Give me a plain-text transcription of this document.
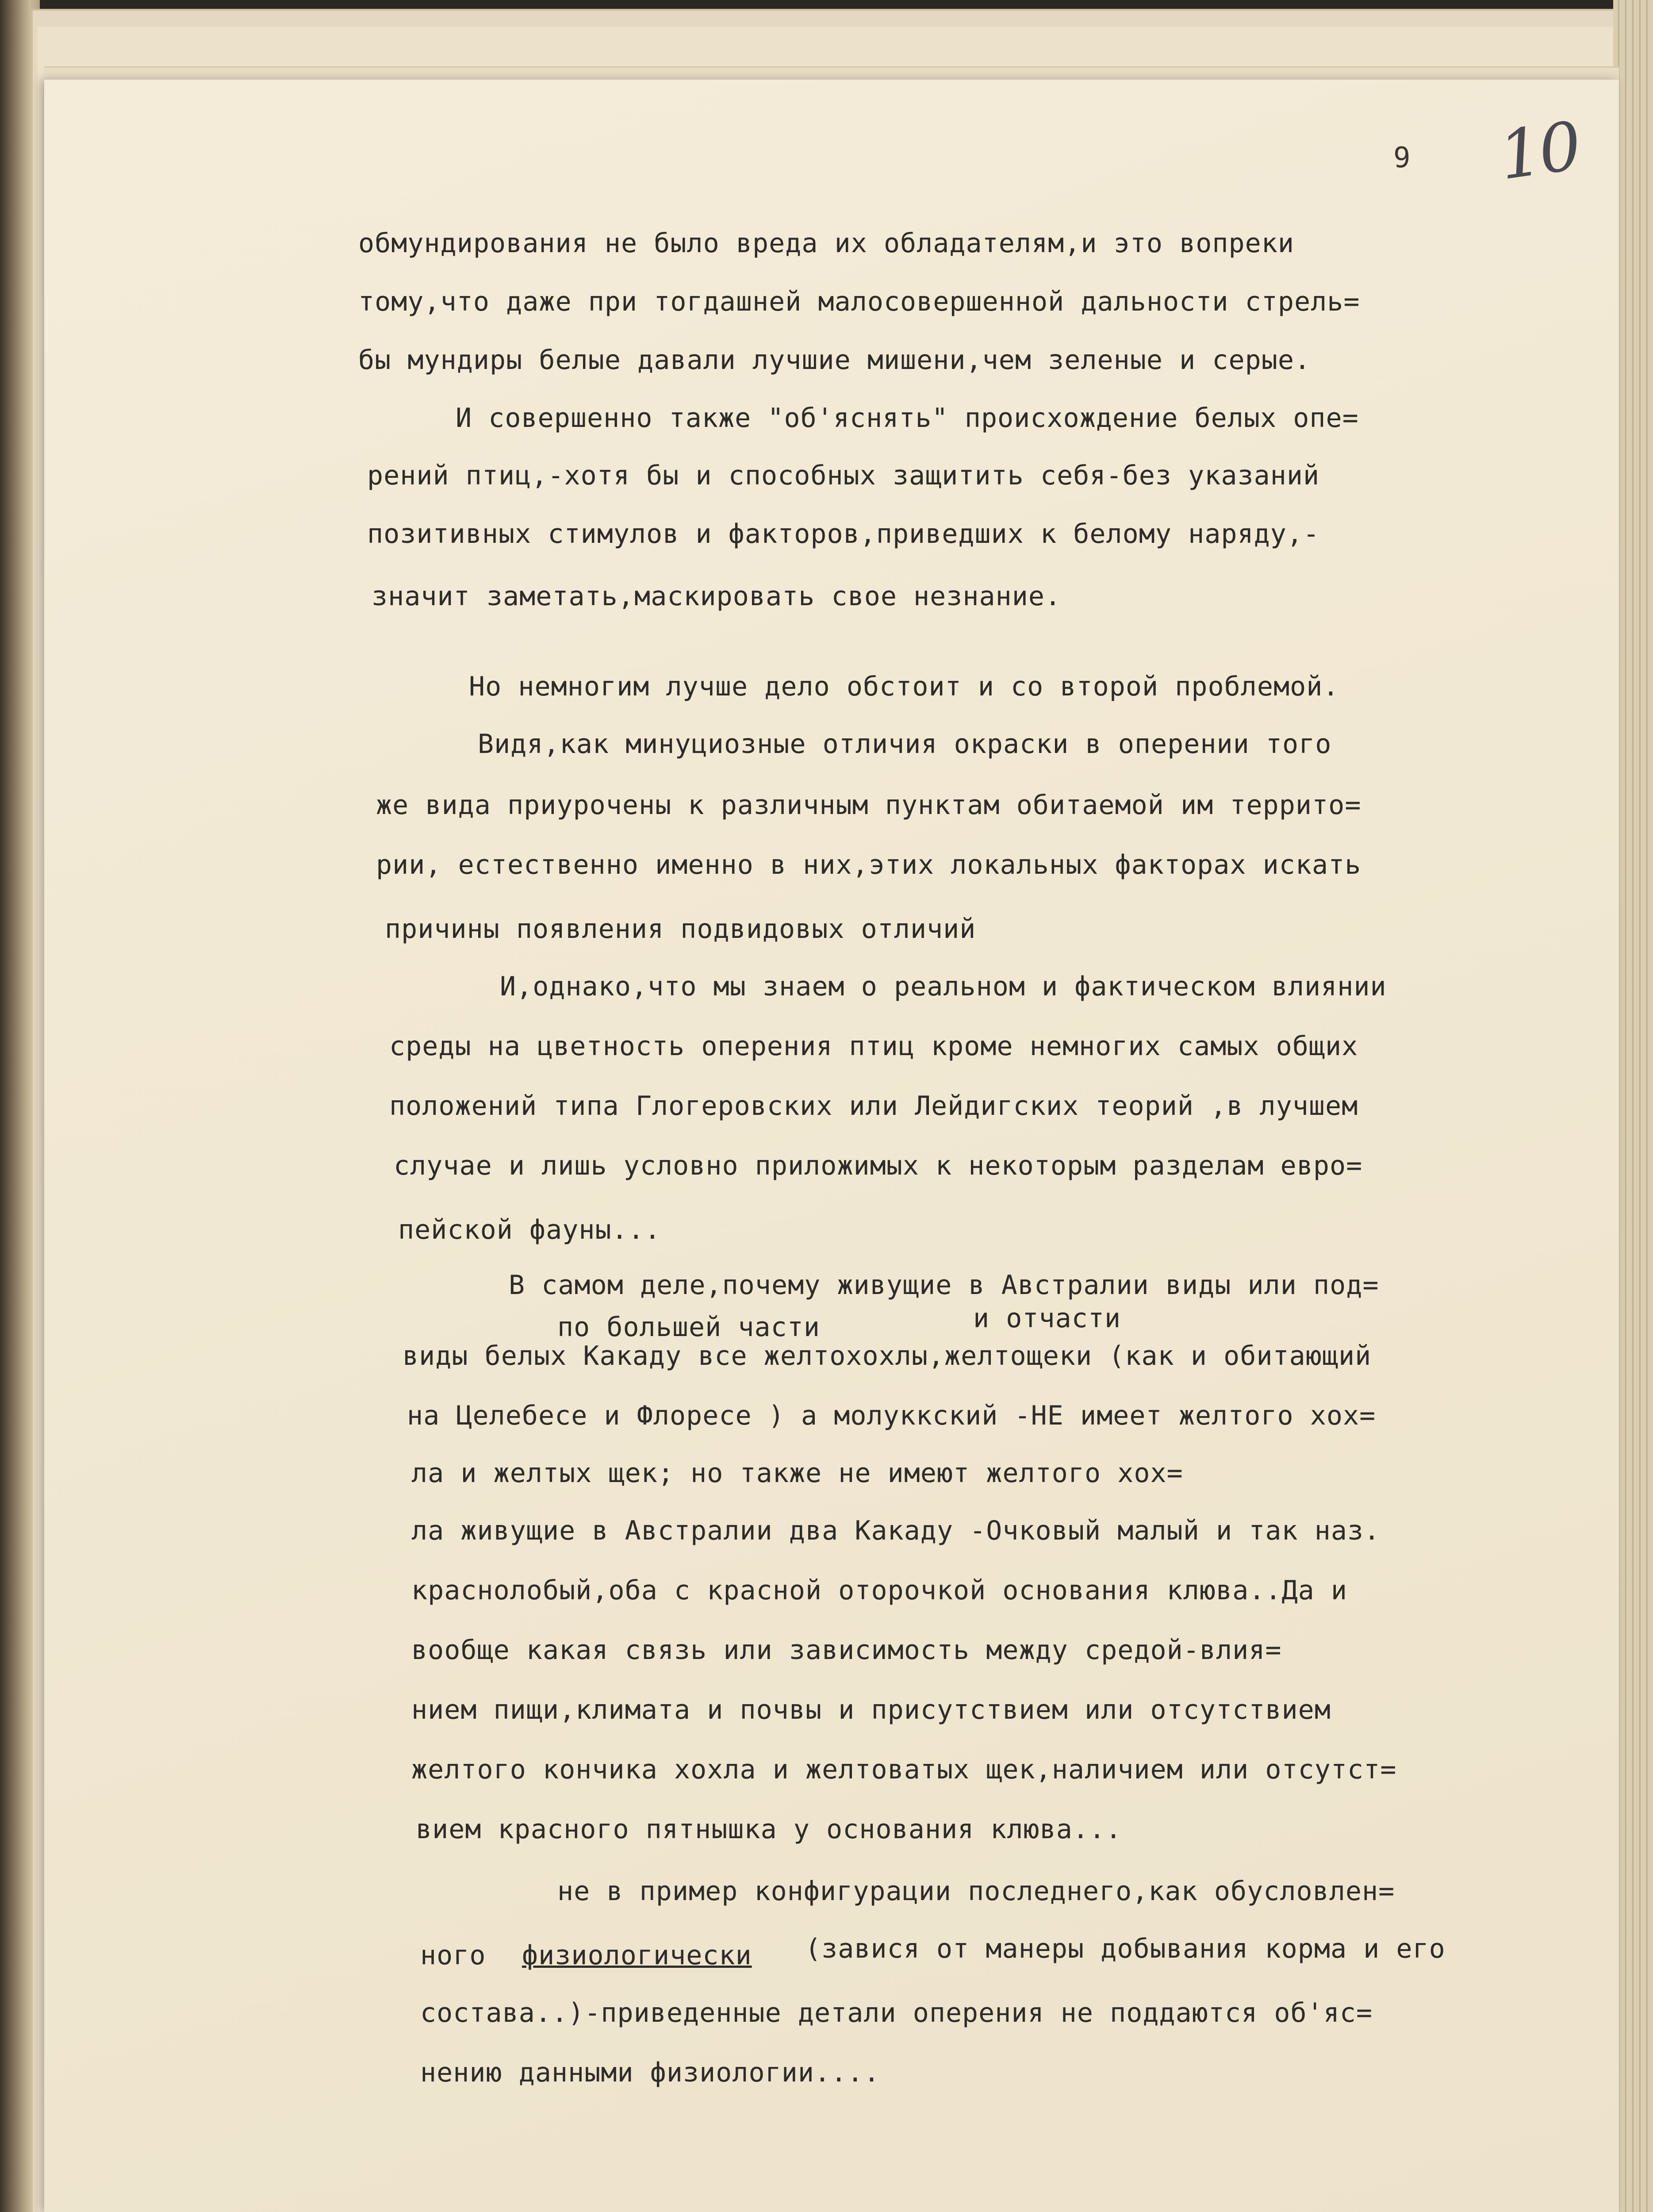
9 10
обмундирования не было вреда их обладателям,и это вопреки
тому,что даже при тогдашней малосовершенной дальности стрель=
бы мундиры белые давали лучшие мишени,чем зеленые и серые.
И совершенно также "об'яснять" происхождение белых опе=
рений птиц,-хотя бы и способных защитить себя-без указаний
позитивных стимулов и факторов,приведших к белому наряду,-
значит заметать,маскировать свое незнание.
Но немногим лучше дело обстоит и со второй проблемой.
Видя,как минуциозные отличия окраски в оперении того
же вида приурочены к различным пунктам обитаемой им террито=
рии, естественно именно в них,этих локальных факторах искать
причины появления подвидовых отличий
И,однако,что мы знаем о реальном и фактическом влиянии
среды на цветность оперения птиц кроме немногих самых общих
положений типа Глогеровских или Лейдигских теорий ,в лучшем
случае и лишь условно приложимых к некоторым разделам евро=
пейской фауны...
В самом деле,почему живущие в Австралии виды или под=
по большей части	и отчасти
виды белых Какаду все желтохохлы,желтощеки (как и обитающий
на Целебесе и Флоресе ) а молуккский -НЕ имеет желтого хох=
ла и желтых щек; но также не имеют желтого хох=
ла живущие в Австралии два Какаду -Очковый малый и так наз.
краснолобый,оба с красной оторочкой основания клюва..Да и
вообще какая связь или зависимость между средой-влия=
нием пищи,климата и почвы и присутствием или отсутствием
желтого кончика хохла и желтоватых щек,наличием или отсутст=
вием красного пятнышка у основания клюва...
не в пример конфигурации последнего,как обусловлен=
ного физиологически (завися от манеры добывания корма и его
состава..)-приведенные детали оперения не поддаются об'яс=
нению данными физиологии....
